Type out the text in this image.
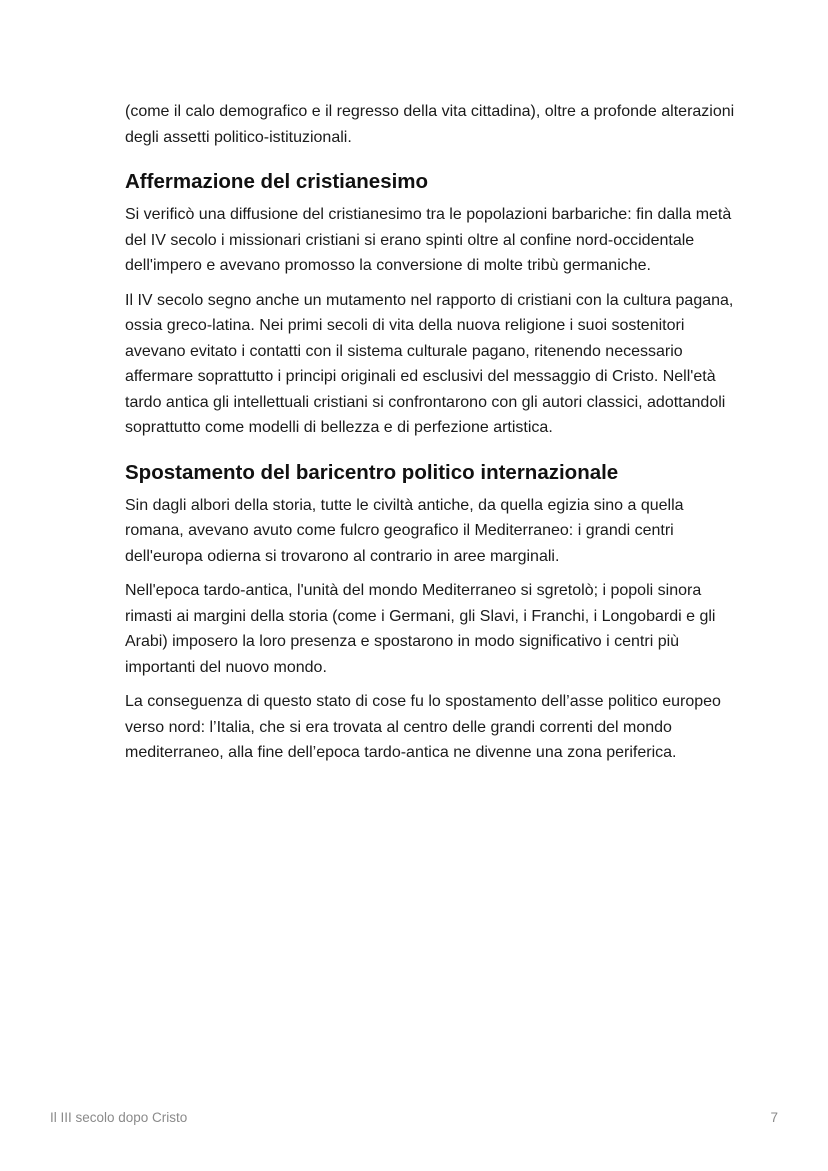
(come il calo demografico e il regresso della vita cittadina), oltre a profonde alterazioni degli assetti politico-istituzionali.

Affermazione del cristianesimo

Si verificò una diffusione del cristianesimo tra le popolazioni barbariche: fin dalla metà del IV secolo i missionari cristiani si erano spinti oltre al confine nord-occidentale dell'impero e avevano promosso la conversione di molte tribù germaniche.

Il IV secolo segno anche un mutamento nel rapporto di cristiani con la cultura pagana, ossia greco-latina. Nei primi secoli di vita della nuova religione i suoi sostenitori avevano evitato i contatti con il sistema culturale pagano, ritenendo necessario affermare soprattutto i principi originali ed esclusivi del messaggio di Cristo. Nell'età tardo antica gli intellettuali cristiani si confrontarono con gli autori classici, adottandoli soprattutto come modelli di bellezza e di perfezione artistica.

Spostamento del baricentro politico internazionale

Sin dagli albori della storia, tutte le civiltà antiche, da quella egizia sino a quella romana, avevano avuto come fulcro geografico il Mediterraneo: i grandi centri dell'europa odierna si trovarono al contrario in aree marginali.

Nell'epoca tardo-antica, l'unità del mondo Mediterraneo si sgretolò; i popoli sinora rimasti ai margini della storia (come i Germani, gli Slavi, i Franchi, i Longobardi e gli Arabi) imposero la loro presenza e spostarono in modo significativo i centri più importanti del nuovo mondo.

La conseguenza di questo stato di cose fu lo spostamento dell’asse politico europeo verso nord: l’Italia, che si era trovata al centro delle grandi correnti del mondo mediterraneo, alla fine dell’epoca tardo-antica ne divenne una zona periferica.

Il III secolo dopo Cristo	7
